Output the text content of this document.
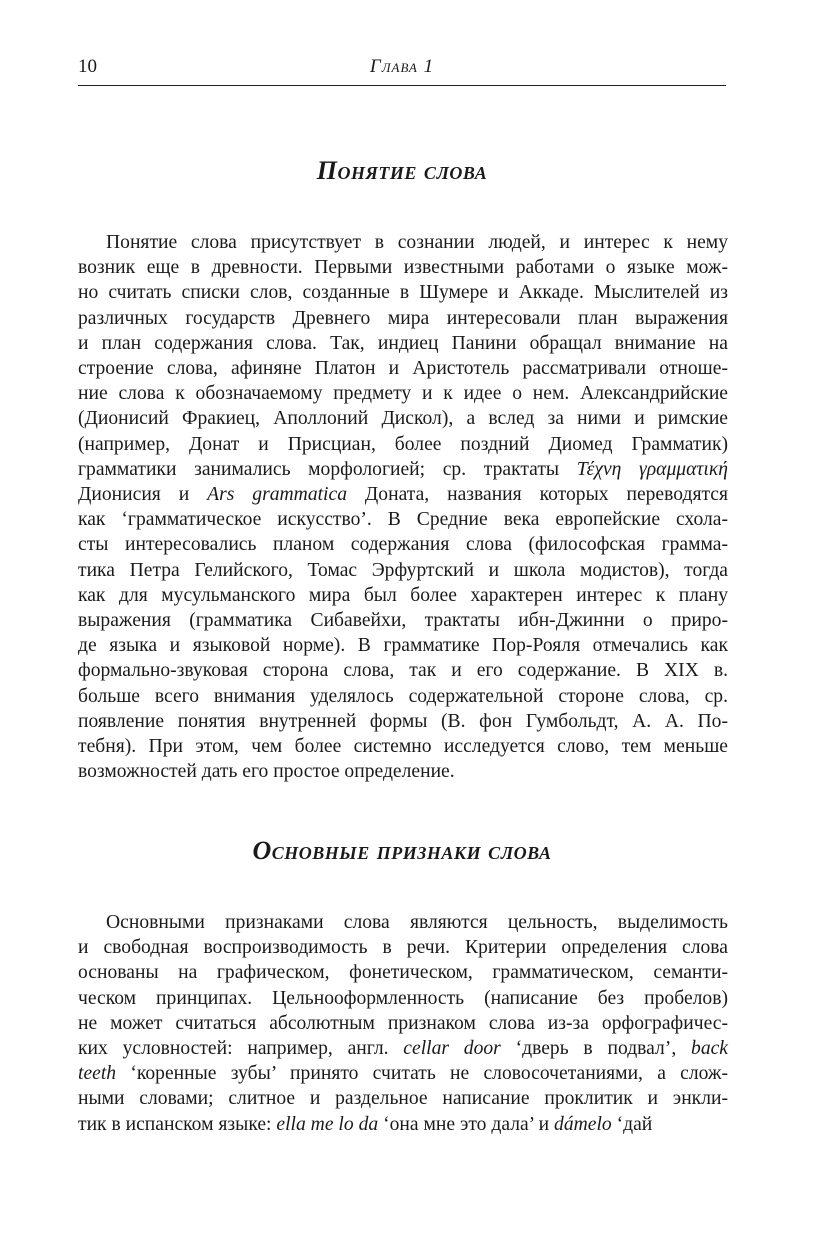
10	Глава 1
Понятие слова
Понятие слова присутствует в сознании людей, и интерес к нему
возник еще в древности. Первыми известными работами о языке мож-
но считать списки слов, созданные в Шумере и Аккаде. Мыслителей из
различных государств Древнего мира интересовали план выражения
и план содержания слова. Так, индиец Панини обращал внимание на
строение слова, афиняне Платон и Аристотель рассматривали отноше-
ние слова к обозначаемому предмету и к идее о нем. Александрийские
(Дионисий Фракиец, Аполлоний Дискол), а вслед за ними и римские
(например, Донат и Присциан, более поздний Диомед Грамматик)
грамматики занимались морфологией; ср. трактаты Τέχνη γραμματική
Дионисия и Ars grammatica Доната, названия которых переводятся
как ‘грамматическое искусство’. В Средние века европейские схола-
сты интересовались планом содержания слова (философская грамма-
тика Петра Гелийского, Томас Эрфуртский и школа модистов), тогда
как для мусульманского мира был более характерен интерес к плану
выражения (грамматика Сибавейхи, трактаты ибн-Джинни о приро-
де языка и языковой норме). В грамматике Пор-Рояля отмечались как
формально-звуковая сторона слова, так и его содержание. В XIX в.
больше всего внимания уделялось содержательной стороне слова, ср.
появление понятия внутренней формы (В. фон Гумбольдт, А. А. По-
тебня). При этом, чем более системно исследуется слово, тем меньше
возможностей дать его простое определение.
Основные признаки слова
Основными признаками слова являются цельность, выделимость
и свободная воспроизводимость в речи. Критерии определения слова
основаны на графическом, фонетическом, грамматическом, семанти-
ческом принципах. Цельнооформленность (написание без пробелов)
не может считаться абсолютным признаком слова из-за орфографичес-
ких условностей: например, англ. cellar door ‘дверь в подвал’, back
teeth ‘коренные зубы’ принято считать не словосочетаниями, а слож-
ными словами; слитное и раздельное написание проклитик и энкли-
тик в испанском языке: ella me lo da ‘она мне это дала’ и dámelo ‘дай
